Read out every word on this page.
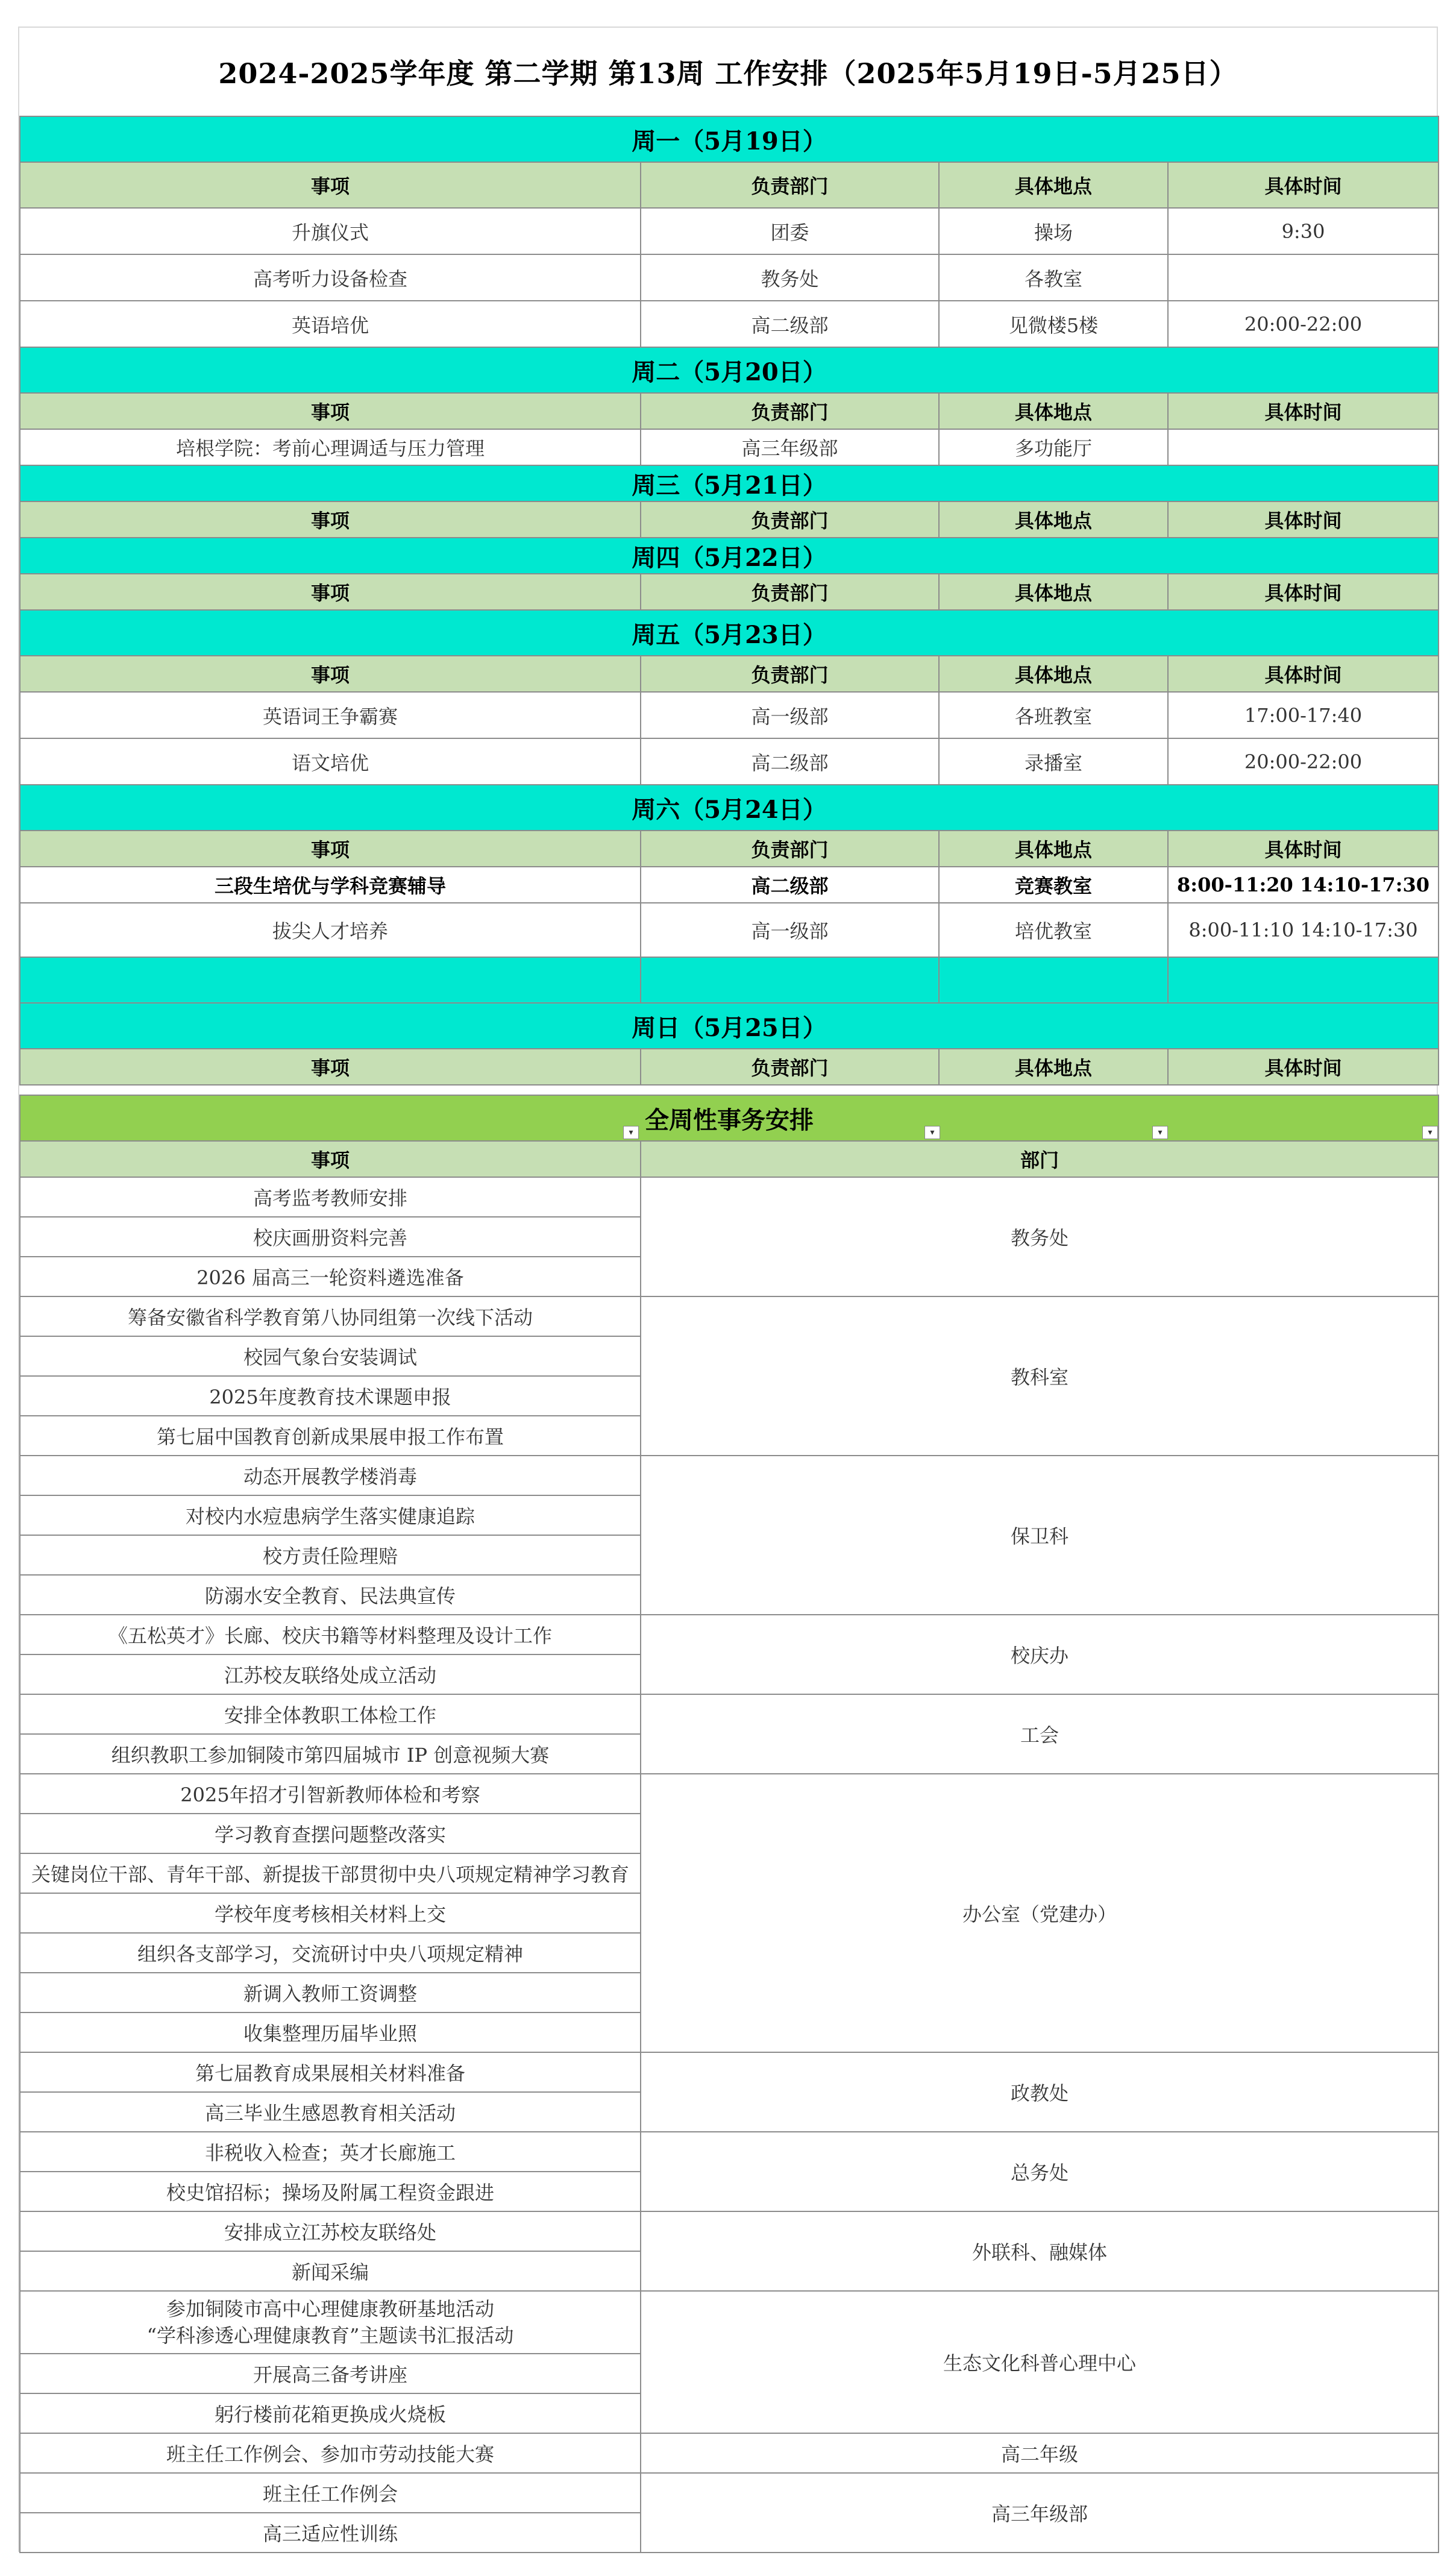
2024-2025学年度 第二学期 第13周 工作安排（2025年5月19日-5月25日）
周一（5月19日）			
事项	负责部门	具体地点	具体时间
升旗仪式	团委	操场	9:30
高考听力设备检查	教务处	各教室	
英语培优	高二级部	见微楼5楼	20:00-22:00
周二（5月20日）			
事项	负责部门	具体地点	具体时间
培根学院：考前心理调适与压力管理	高三年级部	多功能厅	
周三（5月21日）			
事项	负责部门	具体地点	具体时间
周四（5月22日）			
事项	负责部门	具体地点	具体时间
周五（5月23日）			
事项	负责部门	具体地点	具体时间
英语词王争霸赛	高一级部	各班教室	17:00-17:40
语文培优	高二级部	录播室	20:00-22:00
周六（5月24日）			
事项	负责部门	具体地点	具体时间
三段生培优与学科竞赛辅导	高二级部	竞赛教室	8:00-11:20 14:10-17:30
拔尖人才培养	高一级部	培优教室	8:00-11:10 14:10-17:30

周日（5月25日）			
事项	负责部门	具体地点	具体时间
全周性事务安排
▾ ▾ ▾ ▾	

事项	部门
高考监考教师安排	教务处
校庆画册资料完善	
2026 届高三一轮资料遴选准备	
筹备安徽省科学教育第八协同组第一次线下活动	教科室
校园气象台安装调试	
2025年度教育技术课题申报	
第七届中国教育创新成果展申报工作布置	
动态开展教学楼消毒	保卫科
对校内水痘患病学生落实健康追踪	
校方责任险理赔	
防溺水安全教育、民法典宣传	
《五松英才》长廊、校庆书籍等材料整理及设计工作	校庆办
江苏校友联络处成立活动	
安排全体教职工体检工作	工会
组织教职工参加铜陵市第四届城市 IP 创意视频大赛	
2025年招才引智新教师体检和考察	办公室（党建办）
学习教育查摆问题整改落实	
关键岗位干部、青年干部、新提拔干部贯彻中央八项规定精神学习教育	
学校年度考核相关材料上交	
组织各支部学习，交流研讨中央八项规定精神	
新调入教师工资调整	
收集整理历届毕业照	
第七届教育成果展相关材料准备	政教处
高三毕业生感恩教育相关活动	
非税收入检查；英才长廊施工	总务处
校史馆招标；操场及附属工程资金跟进	
安排成立江苏校友联络处	外联科、融媒体
新闻采编	
参加铜陵市高中心理健康教研基地活动
“学科渗透心理健康教育”主题读书汇报活动	生态文化科普心理中心
开展高三备考讲座	
躬行楼前花箱更换成火烧板	
班主任工作例会、参加市劳动技能大赛	高二年级
班主任工作例会	高三年级部
高三适应性训练	
